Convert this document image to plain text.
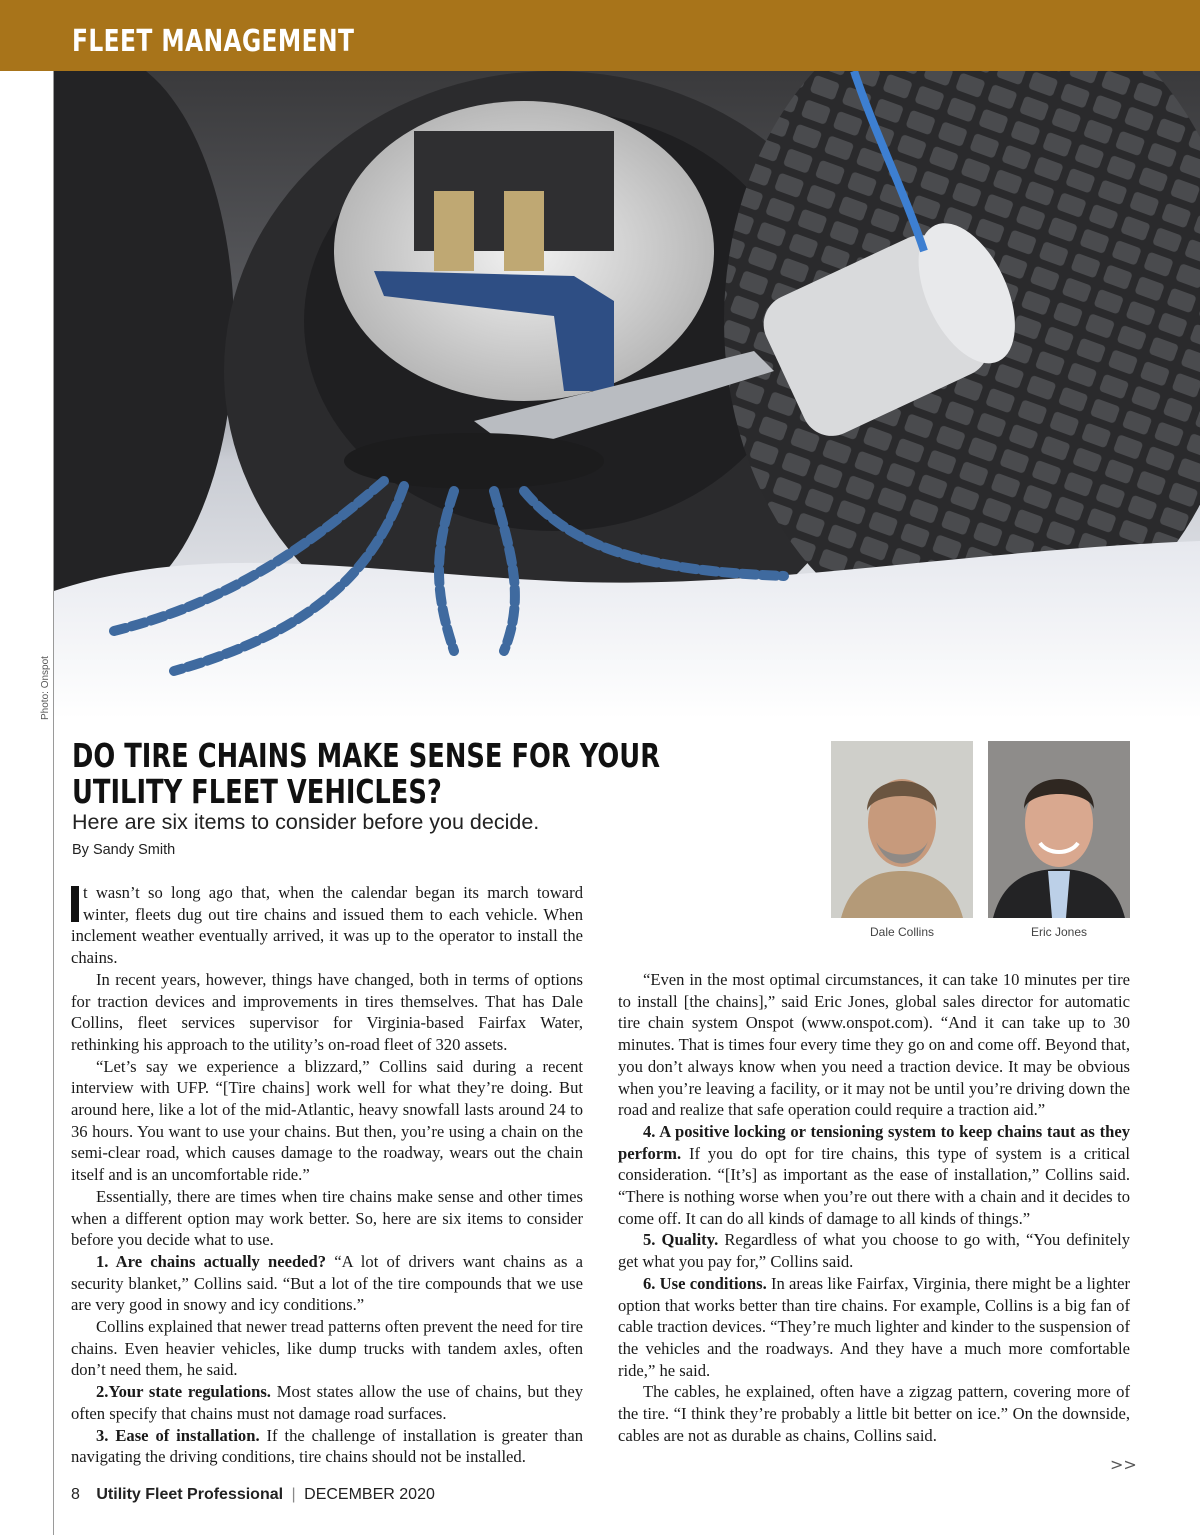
FLEET MANAGEMENT
Photo: Onspot
DO TIRE CHAINS MAKE SENSE FOR YOUR UTILITY FLEET VEHICLES?
Here are six items to consider before you decide.
By Sandy Smith
Dale Collins	Eric Jones

t wasn’t so long ago that, when the calendar began its march toward winter, fleets dug out tire chains and issued them to each vehicle. When inclement weather eventually arrived, it was up to the operator to install the chains.

In recent years, however, things have changed, both in terms of options for traction devices and improvements in tires themselves. That has Dale Collins, fleet services supervisor for Virginia-based Fairfax Water, rethinking his approach to the utility’s on-road fleet of 320 assets.

“Let’s say we experience a blizzard,” Collins said during a recent interview with UFP. “[Tire chains] work well for what they’re doing. But around here, like a lot of the mid-Atlantic, heavy snowfall lasts around 24 to 36 hours. You want to use your chains. But then, you’re using a chain on the semi-clear road, which causes damage to the roadway, wears out the chain itself and is an uncomfortable ride.”

Essentially, there are times when tire chains make sense and other times when a different option may work better. So, here are six items to consider before you decide what to use.

1. Are chains actually needed? “A lot of drivers want chains as a security blanket,” Collins said. “But a lot of the tire compounds that we use are very good in snowy and icy conditions.”

Collins explained that newer tread patterns often prevent the need for tire chains. Even heavier vehicles, like dump trucks with tandem axles, often don’t need them, he said.

2.Your state regulations. Most states allow the use of chains, but they often specify that chains must not damage road surfaces.

3. Ease of installation. If the challenge of installation is greater than navigating the driving conditions, tire chains should not be installed.

“Even in the most optimal circumstances, it can take 10 minutes per tire to install [the chains],” said Eric Jones, global sales director for automatic tire chain system Onspot (www.onspot.com). “And it can take up to 30 minutes. That is times four every time they go on and come off. Beyond that, you don’t always know when you need a traction device. It may be obvious when you’re leaving a facility, or it may not be until you’re driving down the road and realize that safe operation could require a traction aid.”

4. A positive locking or tensioning system to keep chains taut as they perform. If you do opt for tire chains, this type of system is a critical consideration. “[It’s] as important as the ease of installation,” Collins said. “There is nothing worse when you’re out there with a chain and it decides to come off. It can do all kinds of damage to all kinds of things.”

5. Quality. Regardless of what you choose to go with, “You definitely get what you pay for,” Collins said.

6. Use conditions. In areas like Fairfax, Virginia, there might be a lighter option that works better than tire chains. For example, Collins is a big fan of cable traction devices. “They’re much lighter and kinder to the suspension of the vehicles and the roadways. And they have a much more comfortable ride,” he said.

The cables, he explained, often have a zigzag pattern, covering more of the tire. “I think they’re probably a little bit better on ice.” On the downside, cables are not as durable as chains, Collins said.

>>
8 Utility Fleet Professional | DECEMBER 2020
